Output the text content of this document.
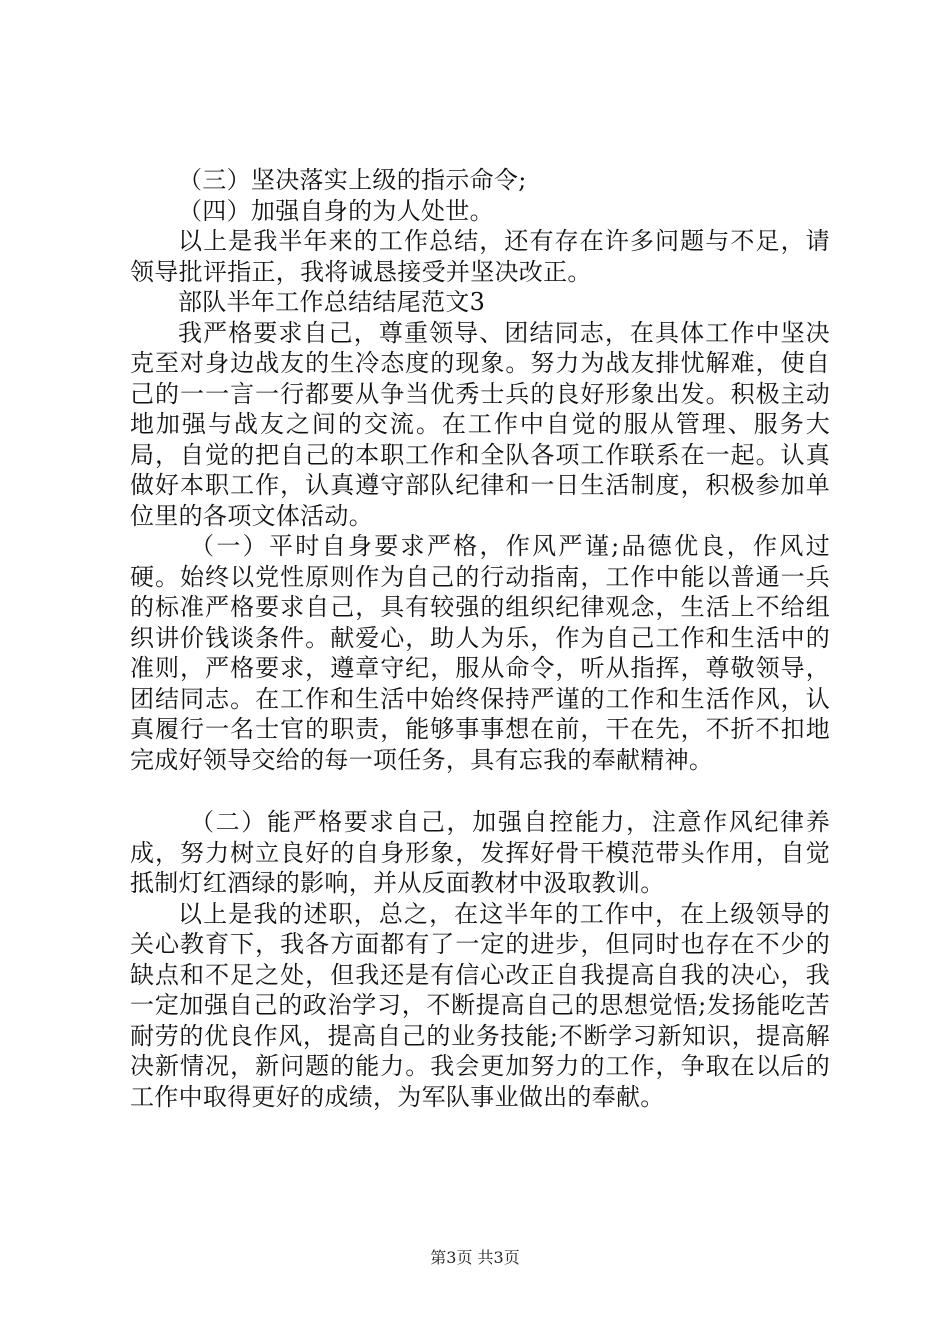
（三）坚决落实上级的指示命令;

（四）加强自身的为人处世。

以上是我半年来的工作总结，还有存在许多问题与不足，请领导批评指正，我将诚恳接受并坚决改正。

部队半年工作总结结尾范文3

我严格要求自己，尊重领导、团结同志，在具体工作中坚决克至对身边战友的生冷态度的现象。努力为战友排忧解难，使自己的一一言一行都要从争当优秀士兵的良好形象出发。积极主动地加强与战友之间的交流。在工作中自觉的服从管理、服务大局，自觉的把自己的本职工作和全队各项工作联系在一起。认真做好本职工作，认真遵守部队纪律和一日生活制度，积极参加单位里的各项文体活动。

（一）平时自身要求严格，作风严谨;品德优良，作风过硬。始终以党性原则作为自己的行动指南，工作中能以普通一兵的标准严格要求自己，具有较强的组织纪律观念，生活上不给组织讲价钱谈条件。献爱心，助人为乐，作为自己工作和生活中的准则，严格要求，遵章守纪，服从命令，听从指挥，尊敬领导，团结同志。在工作和生活中始终保持严谨的工作和生活作风，认真履行一名士官的职责，能够事事想在前，干在先，不折不扣地完成好领导交给的每一项任务，具有忘我的奉献精神。

（二）能严格要求自己，加强自控能力，注意作风纪律养成，努力树立良好的自身形象，发挥好骨干模范带头作用，自觉抵制灯红酒绿的影响，并从反面教材中汲取教训。

以上是我的述职，总之，在这半年的工作中，在上级领导的关心教育下，我各方面都有了一定的进步，但同时也存在不少的缺点和不足之处，但我还是有信心改正自我提高自我的决心，我一定加强自己的政治学习，不断提高自己的思想觉悟;发扬能吃苦耐劳的优良作风，提高自己的业务技能;不断学习新知识，提高解决新情况，新问题的能力。我会更加努力的工作，争取在以后的工作中取得更好的成绩，为军队事业做出的奉献。

第3页 共3页
